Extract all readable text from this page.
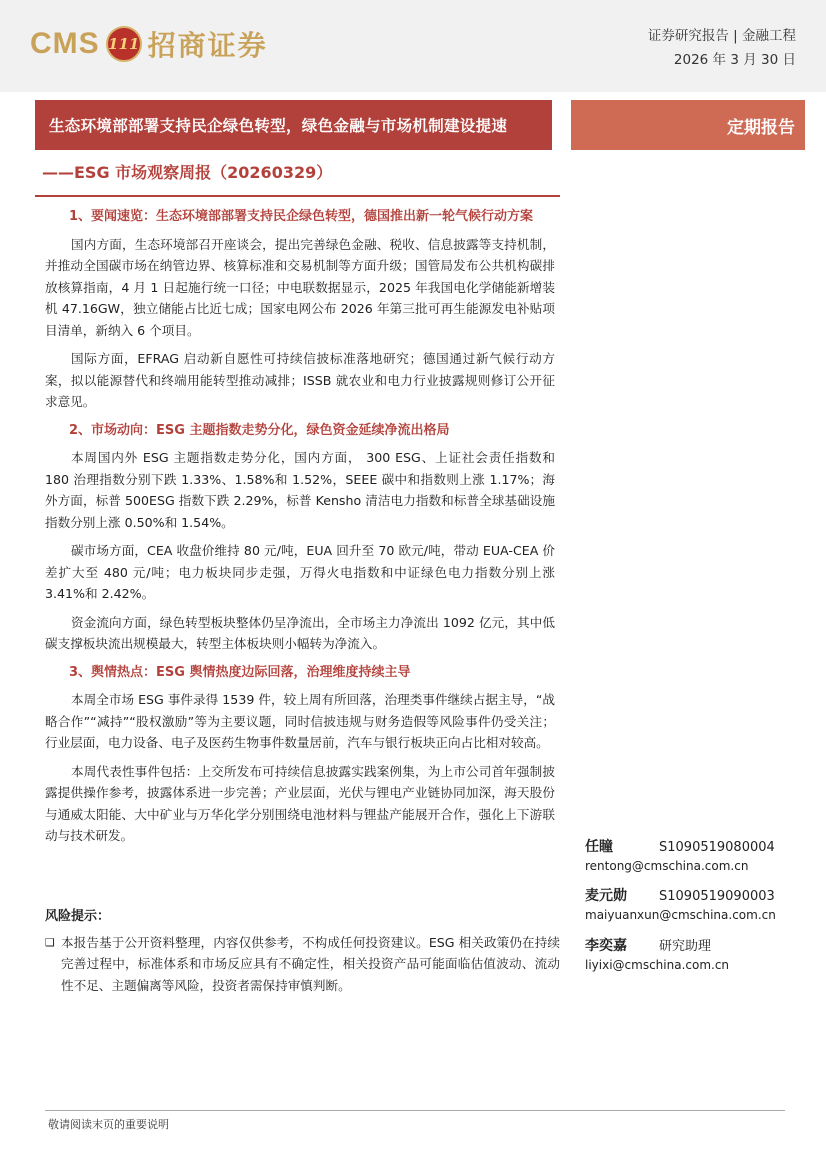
CMS 111 招商证券	证券研究报告 | 金融工程
2026 年 3 月 30 日
生态环境部部署支持民企绿色转型，绿色金融与市场机制建设提速
——ESG 市场观察周报（20260329）
定期报告
1、要闻速览：生态环境部部署支持民企绿色转型，德国推出新一轮气候行动方案

国内方面，生态环境部召开座谈会，提出完善绿色金融、税收、信息披露等支持机制，并推动全国碳市场在纳管边界、核算标准和交易机制等方面升级；国管局发布公共机构碳排放核算指南，4 月 1 日起施行统一口径；中电联数据显示，2025 年我国电化学储能新增装机 47.16GW，独立储能占比近七成；国家电网公布 2026 年第三批可再生能源发电补贴项目清单，新纳入 6 个项目。

国际方面，EFRAG 启动新自愿性可持续信披标准落地研究；德国通过新气候行动方案，拟以能源替代和终端用能转型推动减排；ISSB 就农业和电力行业披露规则修订公开征求意见。

2、市场动向：ESG 主题指数走势分化，绿色资金延续净流出格局

本周国内外 ESG 主题指数走势分化，国内方面， 300 ESG、上证社会责任指数和 180 治理指数分别下跌 1.33%、1.58%和 1.52%，SEEE 碳中和指数则上涨 1.17%；海外方面，标普 500ESG 指数下跌 2.29%，标普 Kensho 清洁电力指数和标普全球基础设施指数分别上涨 0.50%和 1.54%。

碳市场方面，CEA 收盘价维持 80 元/吨，EUA 回升至 70 欧元/吨，带动 EUA-CEA 价差扩大至 480 元/吨；电力板块同步走强，万得火电指数和中证绿色电力指数分别上涨 3.41%和 2.42%。

资金流向方面，绿色转型板块整体仍呈净流出，全市场主力净流出 1092 亿元，其中低碳支撑板块流出规模最大，转型主体板块则小幅转为净流入。

3、舆情热点：ESG 舆情热度边际回落，治理维度持续主导

本周全市场 ESG 事件录得 1539 件，较上周有所回落，治理类事件继续占据主导，“战略合作”“减持”“股权激励”等为主要议题，同时信披违规与财务造假等风险事件仍受关注；行业层面，电力设备、电子及医药生物事件数量居前，汽车与银行板块正向占比相对较高。

本周代表性事件包括：上交所发布可持续信息披露实践案例集，为上市公司首年强制披露提供操作参考，披露体系进一步完善；产业层面，光伏与锂电产业链协同加深，海天股份与通威太阳能、大中矿业与万华化学分别围绕电池材料与锂盐产能展开合作，强化上下游联动与技术研发。

风险提示：
❑ 本报告基于公开资料整理，内容仅供参考，不构成任何投资建议。ESG 相关政策仍在持续完善过程中，标准体系和市场反应具有不确定性，相关投资产品可能面临估值波动、流动性不足、主题偏离等风险，投资者需保持审慎判断。
任瞳	S1090519080004
rentong@cmschina.com.cn
麦元勋	S1090519090003
maiyuanxun@cmschina.com.cn
李奕嘉	研究助理
liyixi@cmschina.com.cn
敬请阅读末页的重要说明
